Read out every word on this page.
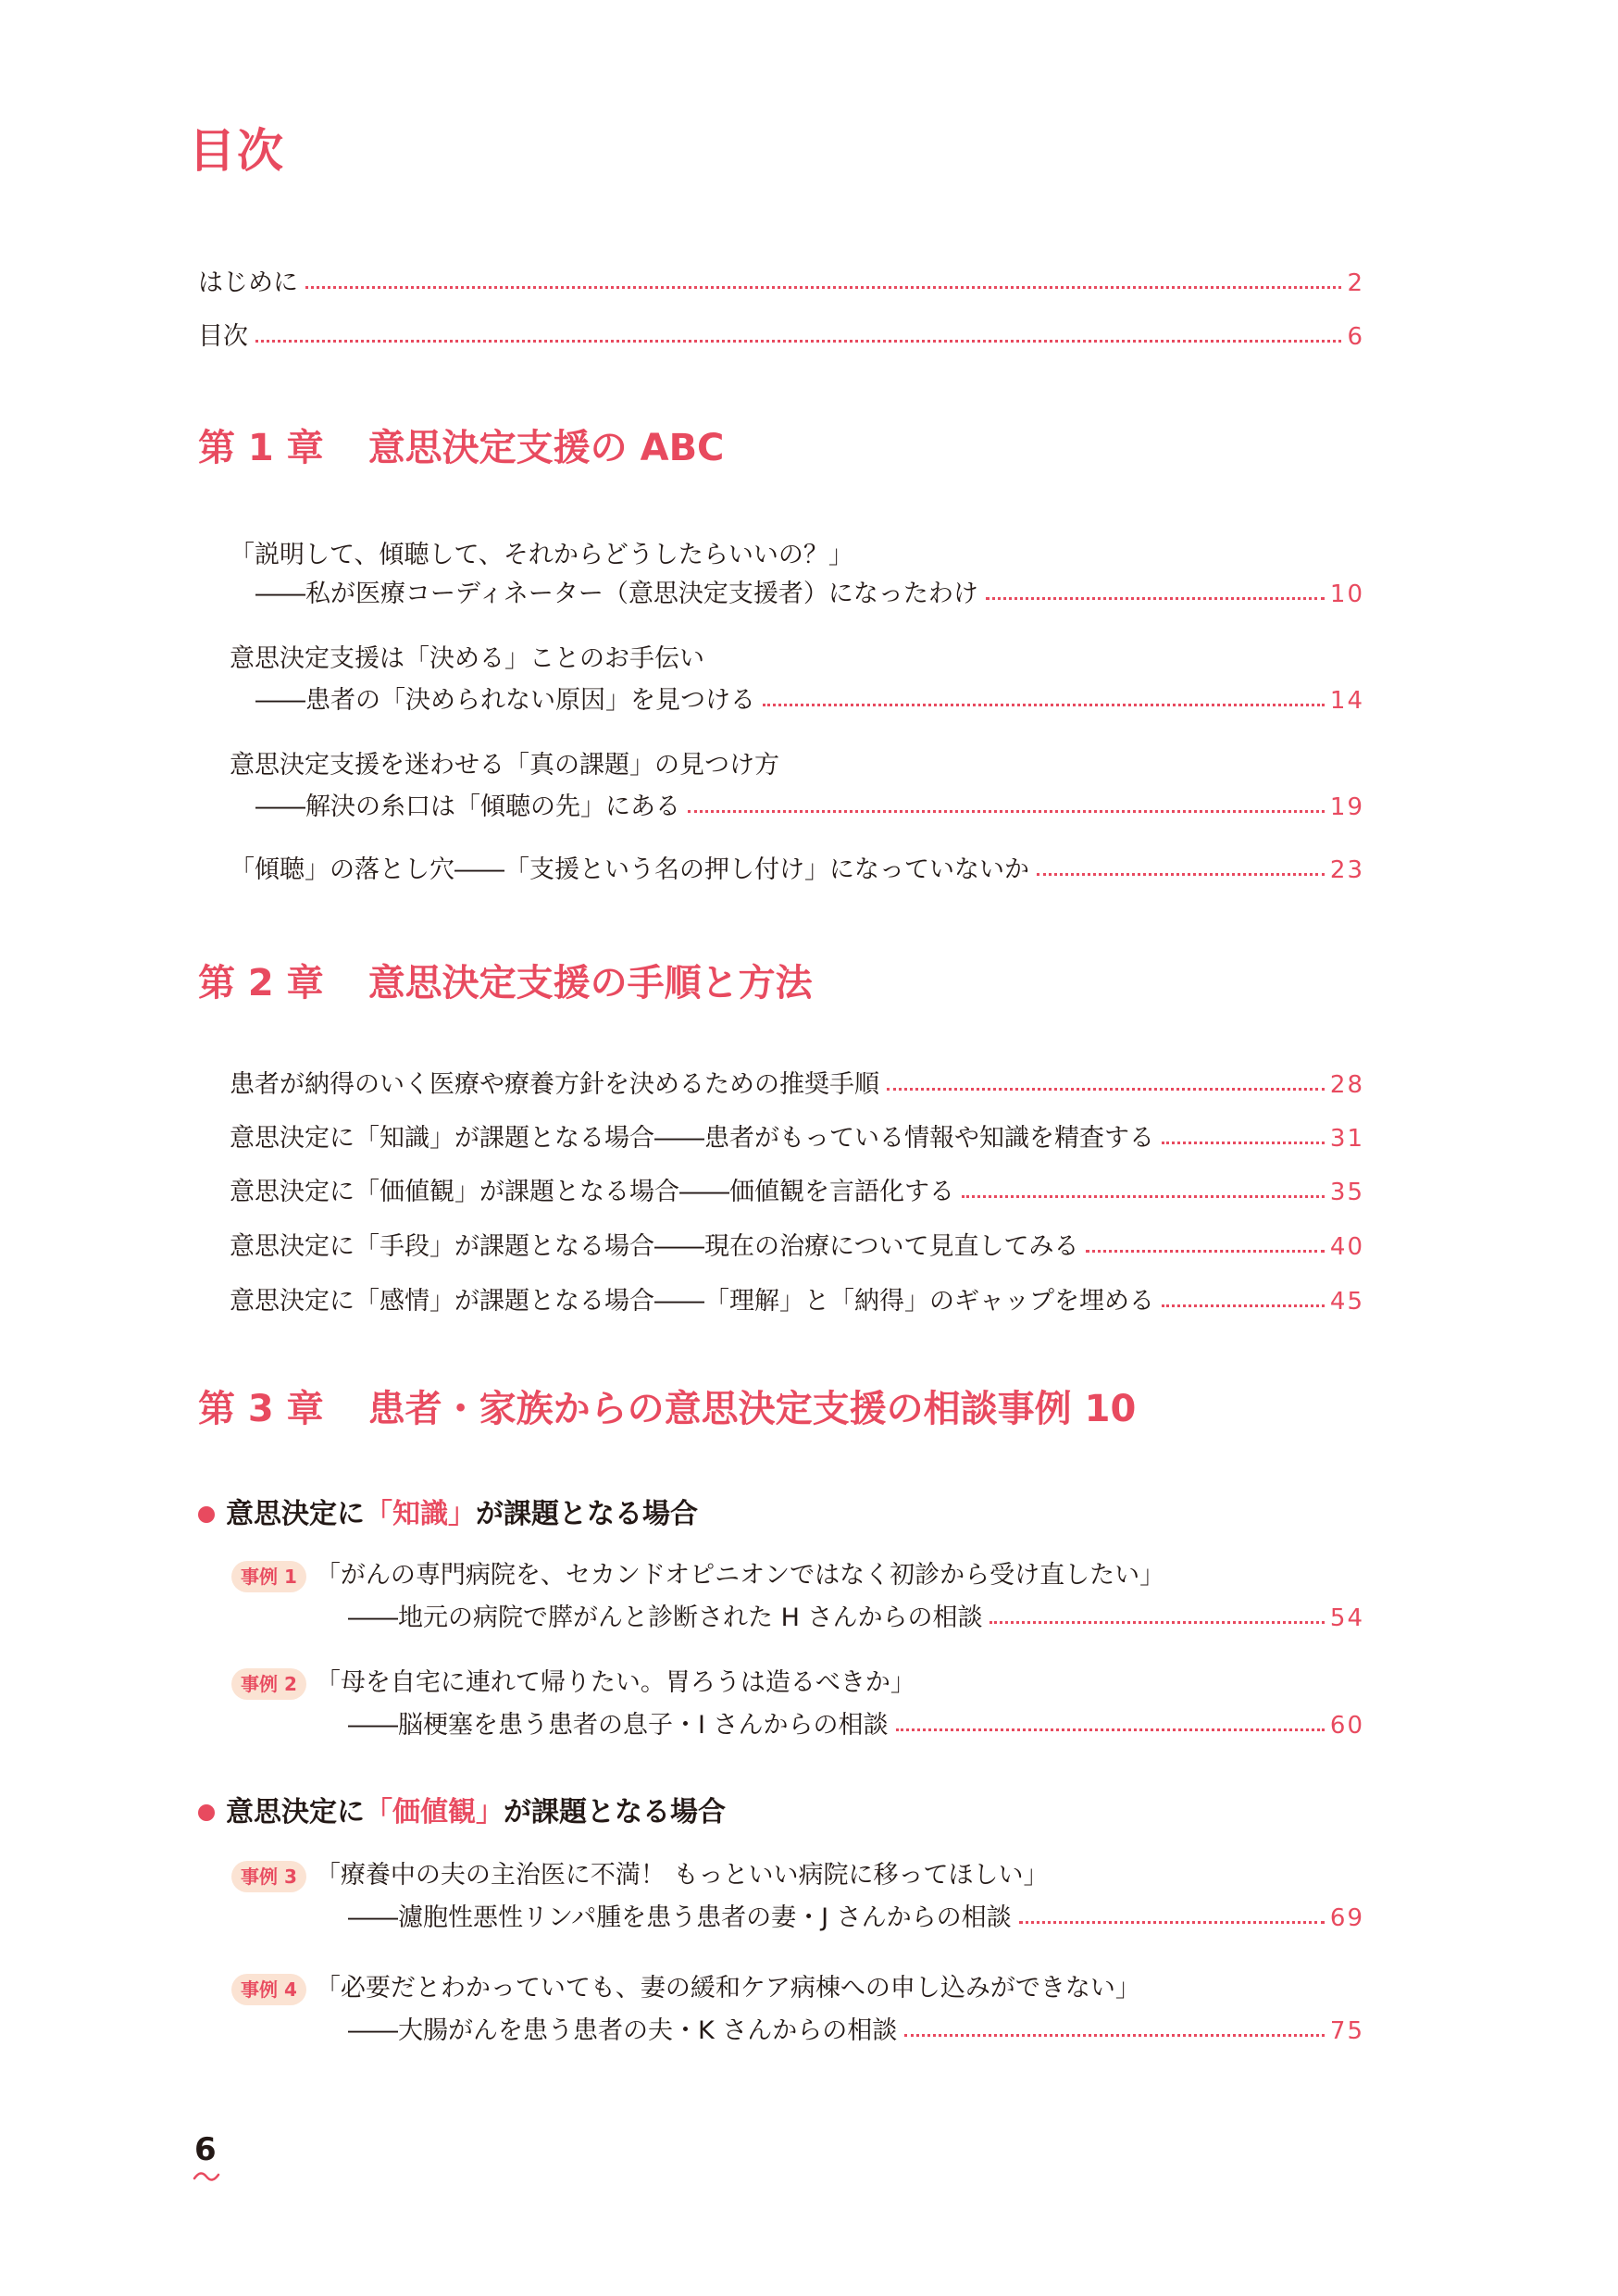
目次
はじめに	2
目次	6
第 1 章 意思決定支援の ABC
「説明して、傾聴して、それからどうしたらいいの？」
――私が医療コーディネーター（意思決定支援者）になったわけ	10
意思決定支援は「決める」ことのお手伝い
――患者の「決められない原因」を見つける	14
意思決定支援を迷わせる「真の課題」の見つけ方
――解決の糸口は「傾聴の先」にある	19
「傾聴」の落とし穴――「支援という名の押し付け」になっていないか	23
第 2 章 意思決定支援の手順と方法
患者が納得のいく医療や療養方針を決めるための推奨手順	28
意思決定に「知識」が課題となる場合――患者がもっている情報や知識を精査する	31
意思決定に「価値観」が課題となる場合――価値観を言語化する	35
意思決定に「手段」が課題となる場合――現在の治療について見直してみる	40
意思決定に「感情」が課題となる場合――「理解」と「納得」のギャップを埋める	45
第 3 章 患者・家族からの意思決定支援の相談事例 10
意思決定に 「知識」 が課題となる場合
事例 1 「がんの専門病院を、セカンドオピニオンではなく初診から受け直したい」
――地元の病院で膵がんと診断された H さんからの相談	54
事例 2 「母を自宅に連れて帰りたい。胃ろうは造るべきか」
――脳梗塞を患う患者の息子・I さんからの相談	60
意思決定に 「価値観」 が課題となる場合
事例 3 「療養中の夫の主治医に不満！ もっといい病院に移ってほしい」
――濾胞性悪性リンパ腫を患う患者の妻・J さんからの相談	69
事例 4 「必要だとわかっていても、妻の緩和ケア病棟への申し込みができない」
――大腸がんを患う患者の夫・K さんからの相談	75
6
